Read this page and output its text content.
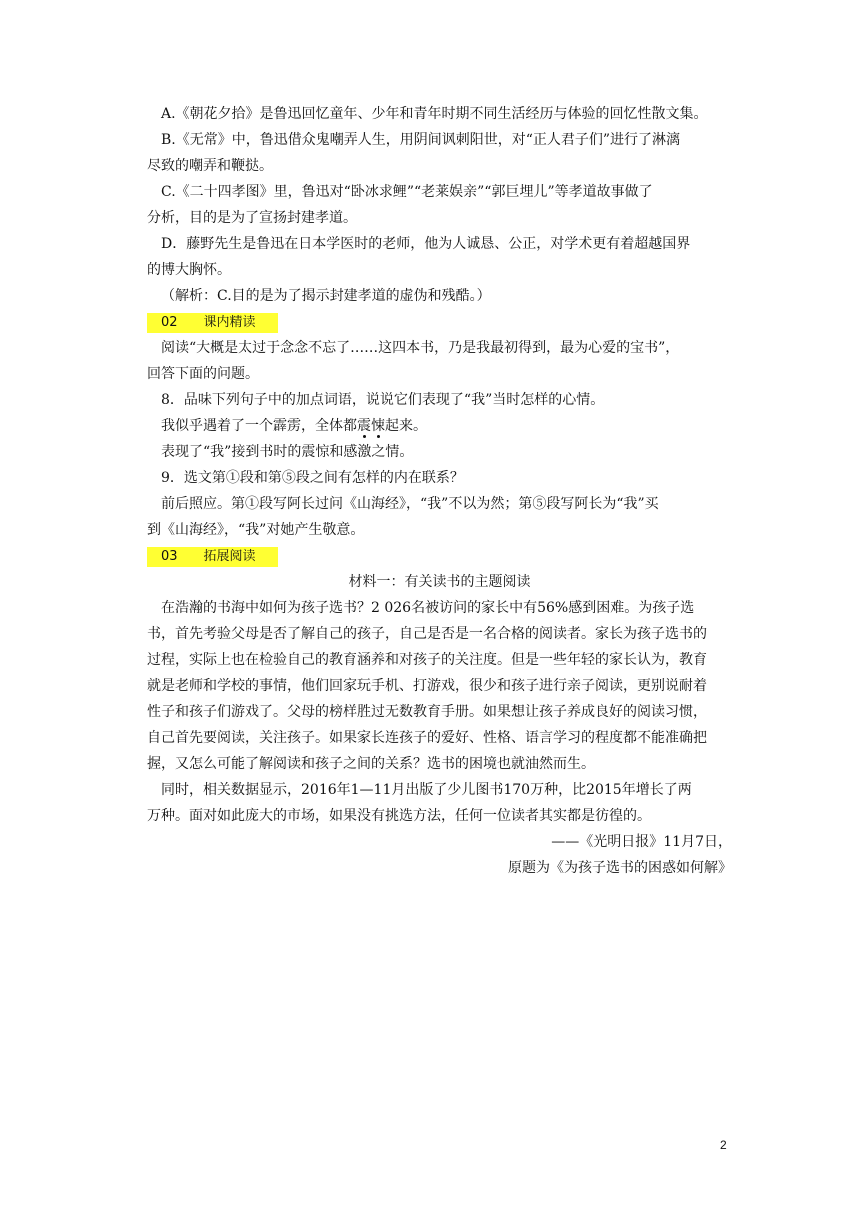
A.《朝花夕拾》是鲁迅回忆童年、少年和青年时期不同生活经历与体验的回忆性散文集。
B.《无常》中，鲁迅借众鬼嘲弄人生，用阴间讽刺阳世，对“正人君子们”进行了淋漓
尽致的嘲弄和鞭挞。
C.《二十四孝图》里，鲁迅对“卧冰求鲤”“老莱娱亲”“郭巨埋儿”等孝道故事做了
分析，目的是为了宣扬封建孝道。
D．藤野先生是鲁迅在日本学医时的老师，他为人诚恳、公正，对学术更有着超越国界
的博大胸怀。
（解析：C.目的是为了揭示封建孝道的虚伪和残酷。）
02 课内精读
阅读“大概是太过于念念不忘了……这四本书，乃是我最初得到，最为心爱的宝书”，
回答下面的问题。
8．品味下列句子中的加点词语，说说它们表现了“我”当时怎样的心情。
我似乎遇着了一个霹雳，全体都震悚起来。
表现了“我”接到书时的震惊和感激之情。
9．选文第①段和第⑤段之间有怎样的内在联系？
前后照应。第①段写阿长过问《山海经》，“我”不以为然；第⑤段写阿长为“我”买
到《山海经》，“我”对她产生敬意。
03 拓展阅读
材料一：有关读书的主题阅读
在浩瀚的书海中如何为孩子选书？2 026名被访问的家长中有56%感到困难。为孩子选
书，首先考验父母是否了解自己的孩子，自己是否是一名合格的阅读者。家长为孩子选书的
过程，实际上也在检验自己的教育涵养和对孩子的关注度。但是一些年轻的家长认为，教育
就是老师和学校的事情，他们回家玩手机、打游戏，很少和孩子进行亲子阅读，更别说耐着
性子和孩子们游戏了。父母的榜样胜过无数教育手册。如果想让孩子养成良好的阅读习惯，
自己首先要阅读，关注孩子。如果家长连孩子的爱好、性格、语言学习的程度都不能准确把
握，又怎么可能了解阅读和孩子之间的关系？选书的困境也就油然而生。
同时，相关数据显示，2016年1—11月出版了少儿图书170万种，比2015年增长了两
万种。面对如此庞大的市场，如果没有挑选方法，任何一位读者其实都是彷徨的。
——《光明日报》11月7日，
原题为《为孩子选书的困惑如何解》
2
